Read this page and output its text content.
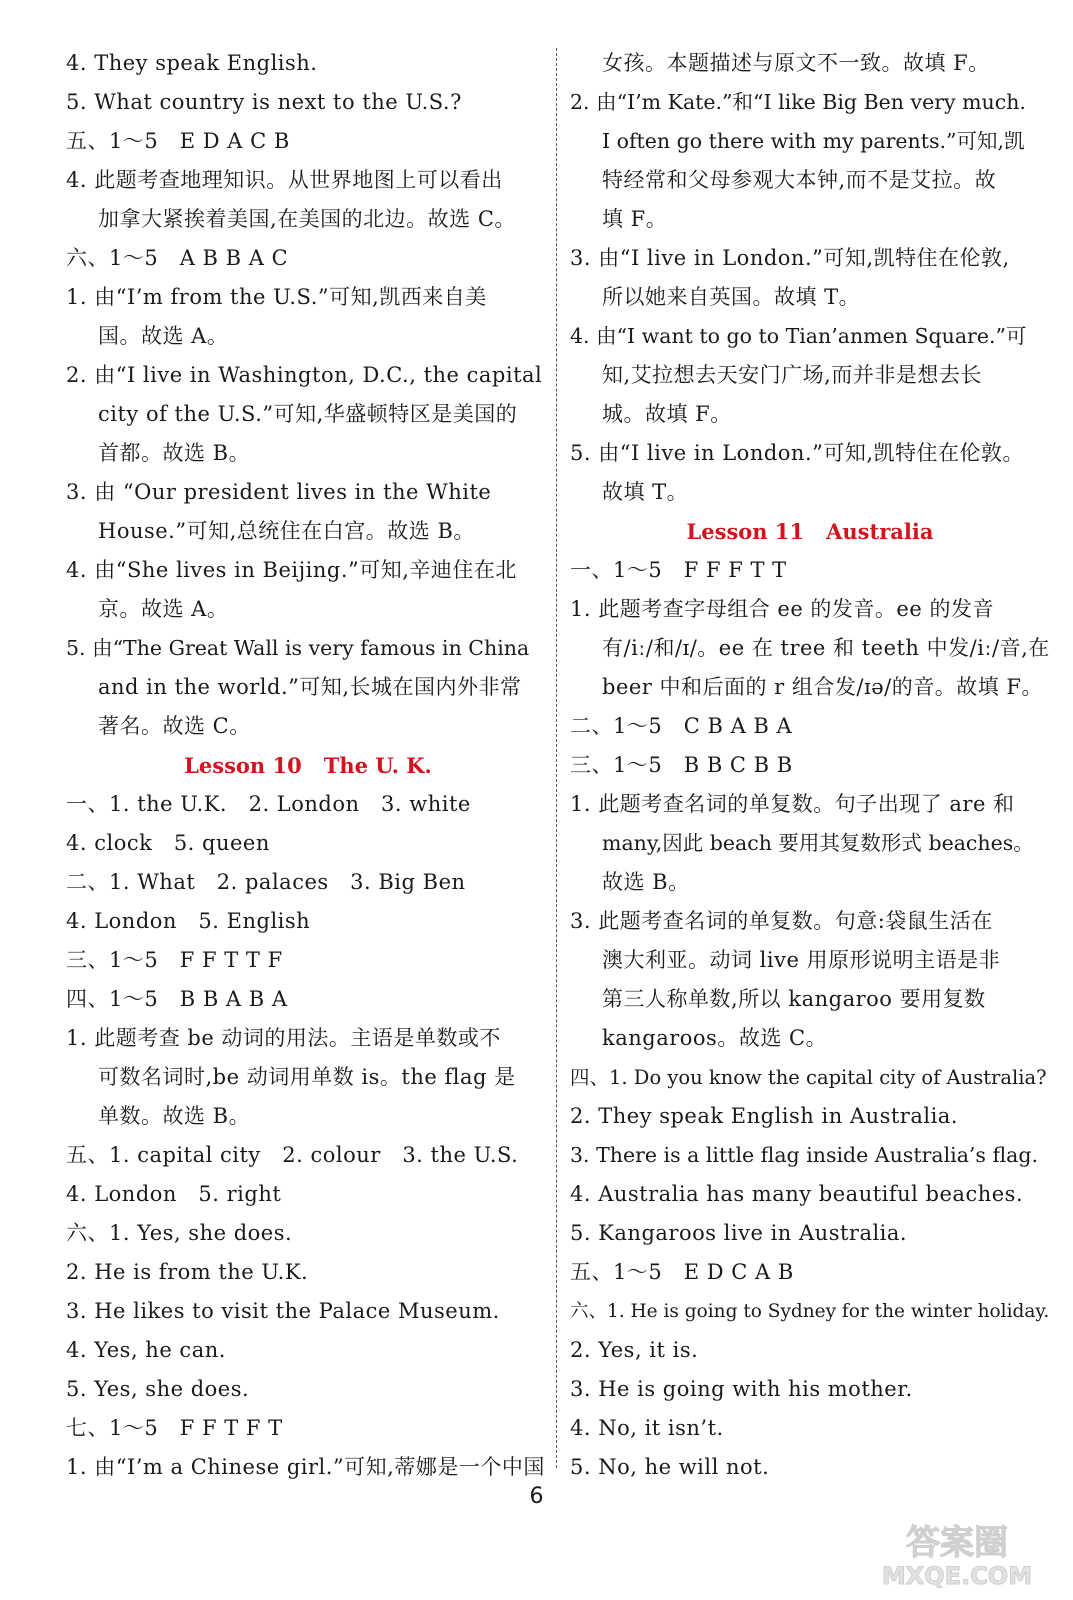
4. They speak English.
5. What country is next to the U.S.?
五、1～5　E D A C B
4. 此题考查地理知识。从世界地图上可以看出
加拿大紧挨着美国,在美国的北边。故选 C。
六、1～5　A B B A C
1. 由“I’m from the U.S.”可知,凯西来自美
国。故选 A。
2. 由“I live in Washington, D.C., the capital
city of the U.S.”可知,华盛顿特区是美国的
首都。故选 B。
3. 由 “Our president lives in the White
House.”可知,总统住在白宫。故选 B。
4. 由“She lives in Beijing.”可知,辛迪住在北
京。故选 A。
5. 由“The Great Wall is very famous in China
and in the world.”可知,长城在国内外非常
著名。故选 C。
Lesson 10 The U. K.
一、1. the U.K.　2. London　3. white
4. clock　5. queen
二、1. What　2. palaces　3. Big Ben
4. London　5. English
三、1～5　F F T T F
四、1～5　B B A B A
1. 此题考查 be 动词的用法。主语是单数或不
可数名词时,be 动词用单数 is。the flag 是
单数。故选 B。
五、1. capital city　2. colour　3. the U.S.
4. London　5. right
六、1. Yes, she does.
2. He is from the U.K.
3. He likes to visit the Palace Museum.
4. Yes, he can.
5. Yes, she does.
七、1～5　F F T F T
1. 由“I’m a Chinese girl.”可知,蒂娜是一个中国
女孩。本题描述与原文不一致。故填 F。
2. 由“I’m Kate.”和“I like Big Ben very much.
I often go there with my parents.”可知,凯
特经常和父母参观大本钟,而不是艾拉。故
填 F。
3. 由“I live in London.”可知,凯特住在伦敦,
所以她来自英国。故填 T。
4. 由“I want to go to Tian’anmen Square.”可
知,艾拉想去天安门广场,而并非是想去长
城。故填 F。
5. 由“I live in London.”可知,凯特住在伦敦。
故填 T。
Lesson 11 Australia
一、1～5　F F F T T
1. 此题考查字母组合 ee 的发音。ee 的发音
有/iː/和/ɪ/。ee 在 tree 和 teeth 中发/iː/音,在
beer 中和后面的 r 组合发/ɪə/的音。故填 F。
二、1～5　C B A B A
三、1～5　B B C B B
1. 此题考查名词的单复数。句子出现了 are 和
many,因此 beach 要用其复数形式 beaches。
故选 B。
3. 此题考查名词的单复数。句意:袋鼠生活在
澳大利亚。动词 live 用原形说明主语是非
第三人称单数,所以 kangaroo 要用复数
kangaroos。故选 C。
四、1. Do you know the capital city of Australia?
2. They speak English in Australia.
3. There is a little flag inside Australia’s flag.
4. Australia has many beautiful beaches.
5. Kangaroos live in Australia.
五、1～5　E D C A B
六、1. He is going to Sydney for the winter holiday.
2. Yes, it is.
3. He is going with his mother.
4. No, it isn’t.
5. No, he will not.
6
答案圈
MXQE.COM
